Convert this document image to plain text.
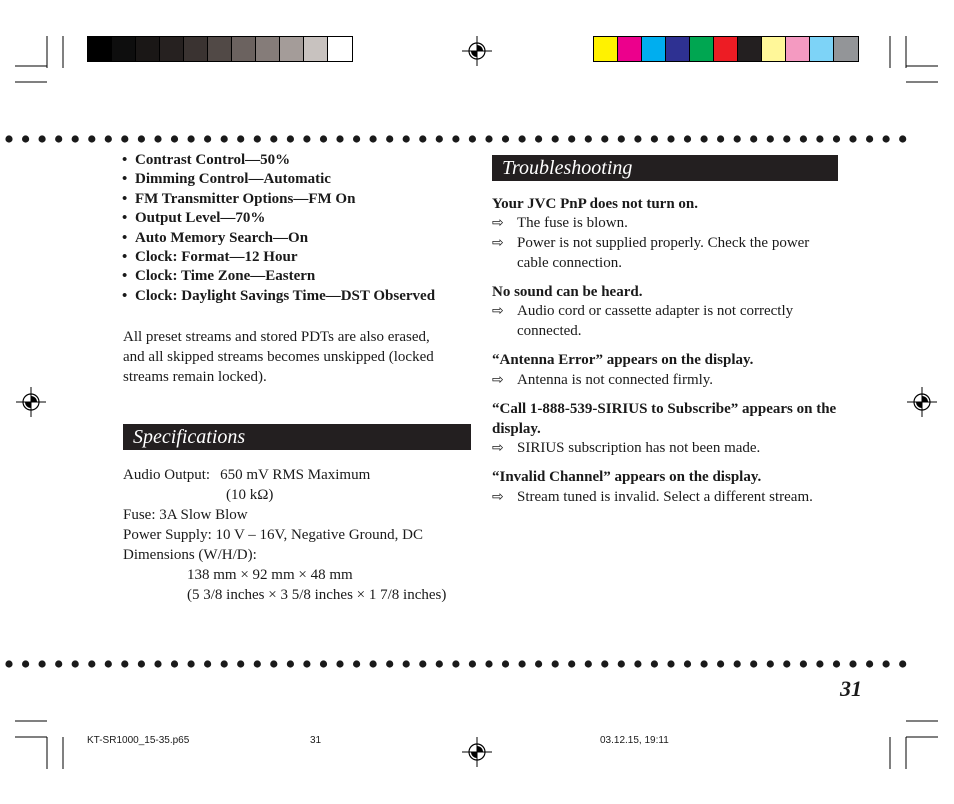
• Contrast Control—50%
• Dimming Control—Automatic
• FM Transmitter Options—FM On
• Output Level—70%
• Auto Memory Search—On
• Clock: Format—12 Hour
• Clock: Time Zone—Eastern
• Clock: Daylight Savings Time—DST Observed
All preset streams and stored PDTs are also erased,
and all skipped streams becomes unskipped (locked
streams remain locked).
Specifications
Audio Output: 650 mV RMS Maximum
(10 kΩ)
Fuse: 3A Slow Blow
Power Supply: 10 V – 16V, Negative Ground, DC
Dimensions (W/H/D):
138 mm × 92 mm × 48 mm
(5 3/8 inches × 3 5/8 inches × 1 7/8 inches)
Troubleshooting
Your JVC PnP does not turn on.
⇨ The fuse is blown.
⇨ Power is not supplied properly. Check the power cable connection.
No sound can be heard.
⇨ Audio cord or cassette adapter is not correctly connected.
“Antenna Error” appears on the display.
⇨ Antenna is not connected firmly.
“Call 1-888-539-SIRIUS to Subscribe” appears on the display.
⇨ SIRIUS subscription has not been made.
“Invalid Channel” appears on the display.
⇨ Stream tuned is invalid. Select a different stream.
31
KT-SR1000_15-35.p65	31	03.12.15, 19:11
